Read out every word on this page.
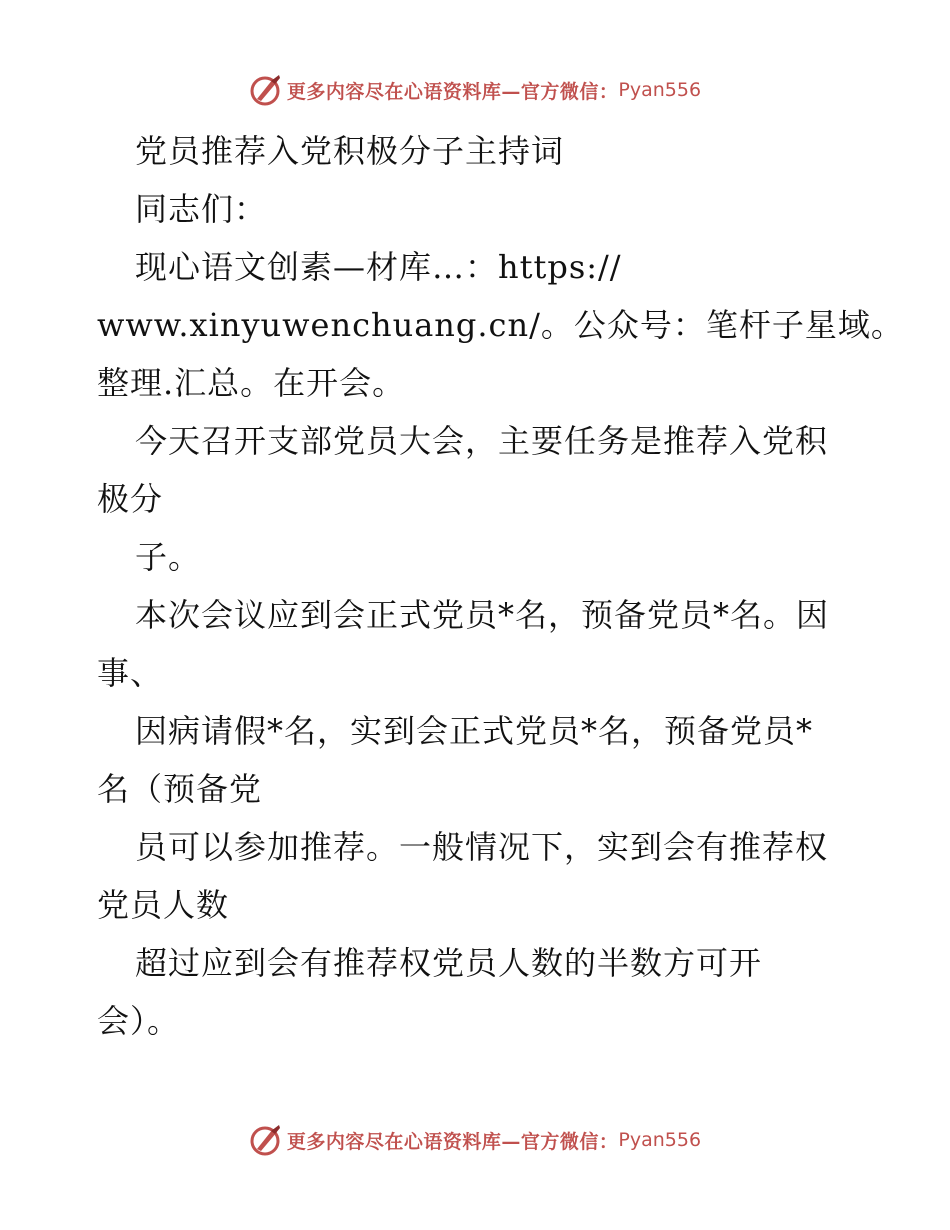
更多内容尽在心语资料库—官方微信： Pyan556
党员推荐入党积极分子主持词
同志们：
现心语文创素—材库…：https://
www.xinyuwenchuang.cn/。公众号：笔杆子星域。
整理.汇总。在开会。
今天召开支部党员大会，主要任务是推荐入党积
极分
子。
本次会议应到会正式党员*名，预备党员*名。因
事、
因病请假*名，实到会正式党员*名，预备党员*
名（预备党
员可以参加推荐。一般情况下，实到会有推荐权
党员人数
超过应到会有推荐权党员人数的半数方可开
会）。
更多内容尽在心语资料库—官方微信： Pyan556
